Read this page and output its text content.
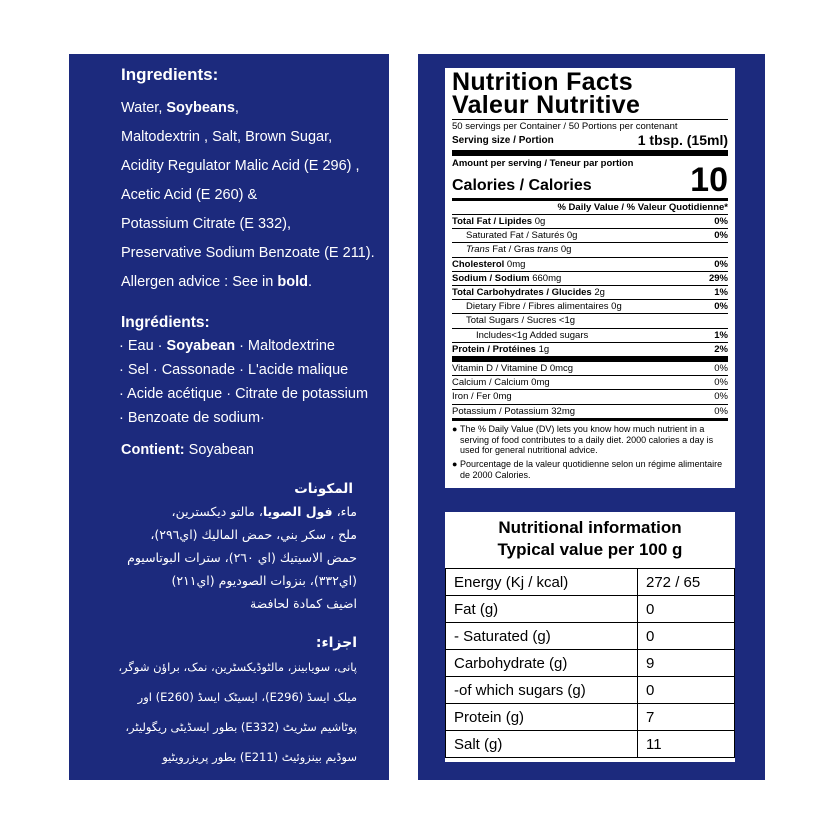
Ingredients:
Water, Soybeans,
Maltodextrin , Salt, Brown Sugar,
Acidity Regulator Malic Acid (E 296) ,
Acetic Acid (E 260) &
Potassium Citrate (E 332),
Preservative Sodium Benzoate (E 211).
Allergen advice : See in bold.
Ingrédients:
· Eau · Soyabean · Maltodextrine
· Sel · Cassonade · L'acide malique
· Acide acétique · Citrate de potassium
· Benzoate de sodium·
Contient: Soyabean
المكونات
ماء، فول الصويا، مالتو ديكسترين،
ملح ، سكر بني، حمض الماليك (اي٢٩٦)،
حمض الاسيتيك (اي ٢٦٠)، سترات البوتاسيوم
(اي٣٣٢)، بنزوات الصوديوم (اي٢١١)
اضيف كمادة لحافضة
اجزاء:
پانی، سویابینز، مالٹوڈیکسٹرین، نمک، براؤن شوگر،
میلک ایسڈ (E296)، ایسیٹک ایسڈ (E260) اور
پوٹاشیم سٹریٹ (E332) بطور ایسڈیٹی ریگولیٹر،
سوڈیم بینزوئیٹ (E211) بطور پریزرویٹیو
Nutrition Facts
Valeur Nutritive
50 servings per Container / 50 Portions per contenant
Serving size / Portion	1 tbsp. (15ml)
Amount per serving / Teneur par portion
Calories / Calories	10
% Daily Value / % Valeur Quotidienne*
Total Fat / Lipides 0g	0%
Saturated Fat / Saturés 0g	0%
Trans Fat / Gras trans 0g
Cholesterol 0mg	0%
Sodium / Sodium 660mg	29%
Total Carbohydrates / Glucides 2g	1%
Dietary Fibre / Fibres alimentaires 0g	0%
Total Sugars / Sucres <1g
Includes<1g Added sugars	1%
Protein / Protéines 1g	2%
Vitamin D / Vitamine D 0mcg	0%
Calcium / Calcium 0mg	0%
Iron / Fer 0mg	0%
Potassium / Potassium 32mg	0%
● The % Daily Value (DV) lets you know how much nutrient in a serving of food contributes to a daily diet. 2000 calories a day is used for general nutritional advice.
● Pourcentage de la valeur quotidienne selon un régime alimentaire de 2000 Calories.
Nutritional information
Typical value per 100 g
Energy (Kj / kcal)	272 / 65
Fat (g)	0
- Saturated (g)	0
Carbohydrate (g)	9
-of which sugars (g)	0
Protein (g)	7
Salt (g)	11
